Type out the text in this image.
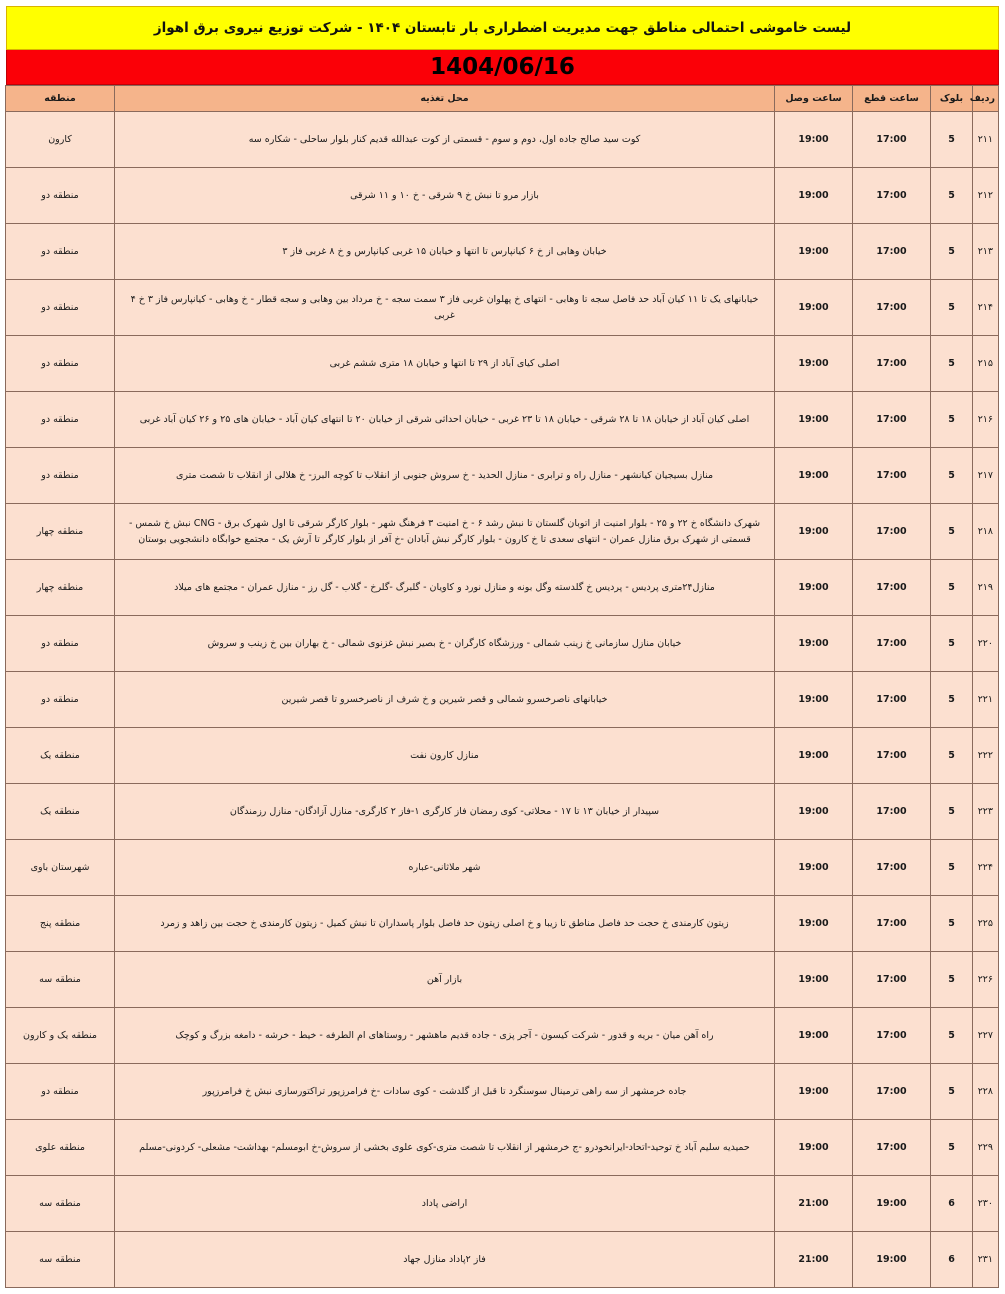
لیست خاموشی احتمالی مناطق جهت مدیریت اضطراری بار تابستان ۱۴۰۴ - شرکت توزیع نیروی برق اهواز
1404/06/16
ردیف	بلوک	ساعت قطع	ساعت وصل	محل تغذیه	منطقه
۲۱۱	5	17:00	19:00	کوت سید صالح جاده اول، دوم و سوم - قسمتی از کوت عبدالله قدیم کنار بلوار ساحلی - شکاره سه	کارون
۲۱۲	5	17:00	19:00	بازار مرو تا نبش خ ۹ شرقی - خ ۱۰ و ۱۱ شرقی	منطقه دو
۲۱۳	5	17:00	19:00	خیابان وهابی از خ ۶ کیانپارس تا انتها و خیابان ۱۵ غربی کیانپارس و خ ۸ غربی فاز ۳	منطقه دو
۲۱۴	5	17:00	19:00	خیابانهای یک تا ۱۱ کیان آباد حد فاصل سجه تا وهابی - انتهای خ پهلوان غربی فاز ۳ سمت سجه - خ مرداد بین وهابی و سجه قطار - خ وهابی - کیانپارس فاز ۳ خ ۴ غربی	منطقه دو
۲۱۵	5	17:00	19:00	اصلی کیای آباد از ۲۹ تا انتها و خیابان ۱۸ متری ششم غربی	منطقه دو
۲۱۶	5	17:00	19:00	اصلی کیان آباد از خیابان ۱۸ تا ۲۸ شرقی - خیابان ۱۸ تا ۲۳ غربی - خیابان احداثی شرقی از خیابان ۲۰ تا انتهای کیان آباد - خیابان های ۲۵ و ۲۶ کیان آباد غربی	منطقه دو
۲۱۷	5	17:00	19:00	منازل بسیجیان کیانشهر - منازل راه و ترابری - منازل الحدید - خ سروش جنوبی از انقلاب تا کوچه البرز- خ هلالی از انقلاب تا شصت متری	منطقه دو
۲۱۸	5	17:00	19:00	شهرک دانشگاه خ ۲۲ و ۲۵ - بلوار امنیت از اتوبان گلستان تا نبش رشد ۶ - خ امنیت ۳ فرهنگ شهر - بلوار کارگر شرقی تا اول شهرک برق - CNG نبش خ شمس - قسمتی از شهرک برق منازل عمران - انتهای سعدی تا خ کارون - بلوار کارگر نبش آبادان -خ آفر از بلوار کارگر تا آرش یک - مجتمع خوابگاه دانشجویی بوستان	منطقه چهار
۲۱۹	5	17:00	19:00	منازل۲۴متری پردیس - پردیس خ گلدسته وگل بونه و منازل نورد و کاویان - گلبرگ -گلرخ - گلاب - گل رز - منازل عمران - مجتمع های میلاد	منطقه چهار
۲۲۰	5	17:00	19:00	خیابان منازل سازمانی خ زینب شمالی - ورزشگاه کارگران - خ بصیر نبش غزنوی شمالی - خ بهاران بین خ زینب و سروش	منطقه دو
۲۲۱	5	17:00	19:00	خیابانهای ناصرخسرو شمالی و قصر شیرین و خ شرف از ناصرخسرو تا قصر شیرین	منطقه دو
۲۲۲	5	17:00	19:00	منازل کارون نفت	منطقه یک
۲۲۳	5	17:00	19:00	سپیدار از خیابان ۱۳ تا ۱۷ - محلاتی- کوی رمضان فاز کارگری ۱-فاز ۲ کارگری- منازل آزادگان- منازل رزمندگان	منطقه یک
۲۲۴	5	17:00	19:00	شهر ملاثانی-عباره	شهرستان باوی
۲۲۵	5	17:00	19:00	زیتون کارمندی خ حجت حد فاصل مناطق تا زیبا و خ اصلی زیتون حد فاصل بلوار پاسداران تا نبش کمیل - زیتون کارمندی خ حجت بین زاهد و زمرد	منطقه پنج
۲۲۶	5	17:00	19:00	بازار آهن	منطقه سه
۲۲۷	5	17:00	19:00	راه آهن میان - بریه و قدور - شرکت کیسون - آجر پزی - جاده قدیم ماهشهر - روستاهای ام الطرفه - خیط - خرشه - دامغه بزرگ و کوچک	منطقه یک و کارون
۲۲۸	5	17:00	19:00	جاده خرمشهر از سه راهی ترمینال سوسنگرد تا قبل از گلدشت - کوی سادات -خ فرامرزپور تراکتورسازی نبش خ فرامرزپور	منطقه دو
۲۲۹	5	17:00	19:00	حمیدیه سلیم آباد خ توحید-اتحاد-ایرانخودرو -ج خرمشهر از انقلاب تا شصت متری-کوی علوی بخشی از سروش-خ ابومسلم- بهداشت- مشعلی- کردونی-مسلم	منطقه علوی
۲۳۰	6	19:00	21:00	اراضی پاداد	منطقه سه
۲۳۱	6	19:00	21:00	فاز ۲پاداد منازل جهاد	منطقه سه
